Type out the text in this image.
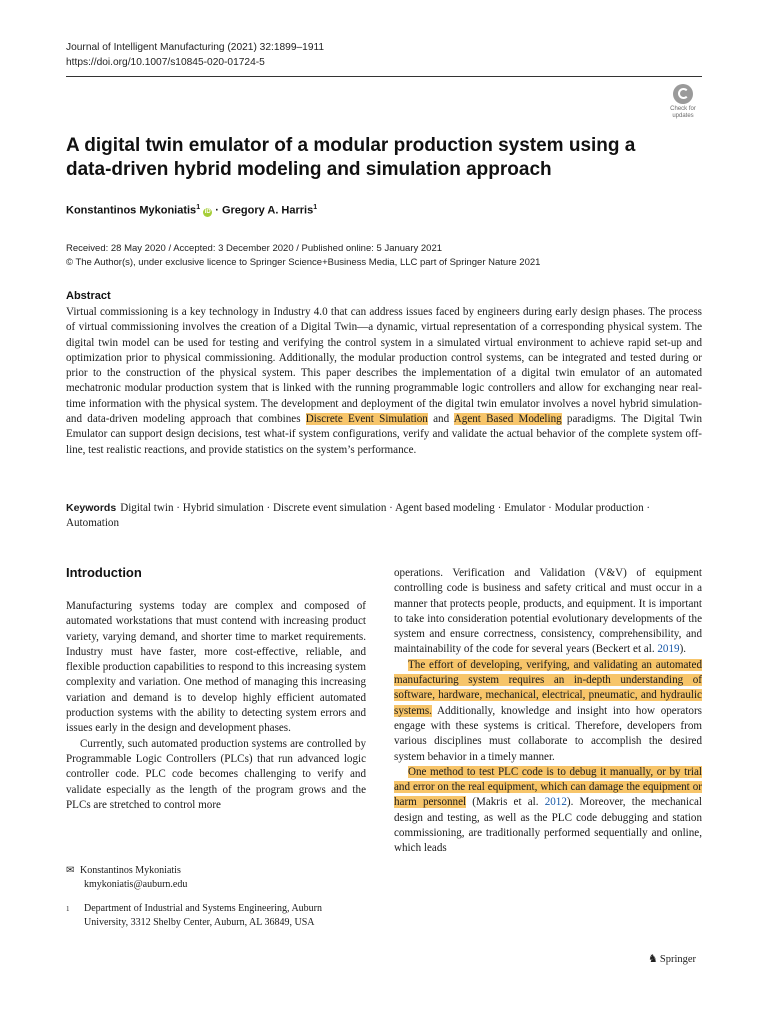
Journal of Intelligent Manufacturing (2021) 32:1899–1911
https://doi.org/10.1007/s10845-020-01724-5
Check for
updates
A digital twin emulator of a modular production system using a data-driven hybrid modeling and simulation approach
Konstantinos Mykoniatis$^1$ iD · Gregory A. Harris$^1$
Received: 28 May 2020 / Accepted: 3 December 2020 / Published online: 5 January 2021
© The Author(s), under exclusive licence to Springer Science+Business Media, LLC part of Springer Nature 2021
Abstract

Virtual commissioning is a key technology in Industry 4.0 that can address issues faced by engineers during early design phases. The process of virtual commissioning involves the creation of a Digital Twin—a dynamic, virtual representation of a corresponding physical system. The digital twin model can be used for testing and verifying the control system in a simulated virtual environment to achieve rapid set-up and optimization prior to physical commissioning. Additionally, the modular production control systems, can be integrated and tested during or prior to the construction of the physical system. This paper describes the implementation of a digital twin emulator of an automated mechatronic modular production system that is linked with the running programmable logic controllers and allow for exchanging near real-time information with the physical system. The development and deployment of the digital twin emulator involves a novel hybrid simulation- and data-driven modeling approach that combines Discrete Event Simulation and Agent Based Modeling paradigms. The Digital Twin Emulator can support design decisions, test what-if system configurations, verify and validate the actual behavior of the complete system off-line, test realistic reactions, and provide statistics on the system’s performance.

Keywords Digital twin · Hybrid simulation · Discrete event simulation · Agent based modeling · Emulator · Modular production · Automation
Introduction

Manufacturing systems today are complex and composed of automated workstations that must contend with increasing product variety, varying demand, and shorter time to market requirements. Industry must have faster, more cost-effective, reliable, and flexible production capabilities to respond to this increasing system complexity and variation. One method of managing this increasing variation and demand is to develop highly efficient automated production systems with the ability to detecting system errors and issues early in the design and development phases.

Currently, such automated production systems are controlled by Programmable Logic Controllers (PLCs) that run advanced logic controller code. PLC code becomes challenging to verify and validate especially as the length of the program grows and the PLCs are stretched to control more

operations. Verification and Validation (V&V) of equipment controlling code is business and safety critical and must occur in a manner that protects people, products, and equipment. It is important to take into consideration potential evolutionary developments of the system and ensure correctness, consistency, comprehensibility, and maintainability of the code for several years (Beckert et al. 2019).

The effort of developing, verifying, and validating an automated manufacturing system requires an in-depth understanding of software, hardware, mechanical, electrical, pneumatic, and hydraulic systems. Additionally, knowledge and insight into how operators engage with these systems is critical. Therefore, developers from various disciplines must collaborate to accomplish the desired system behavior in a timely manner.

One method to test PLC code is to debug it manually, or by trial and error on the real equipment, which can damage the equipment or harm personnel (Makris et al. 2012). Moreover, the mechanical design and testing, as well as the PLC code debugging and station commissioning, are traditionally performed sequentially and online, which leads

✉ Konstantinos Mykoniatis
kmykoniatis@auburn.edu
1	Department of Industrial and Systems Engineering, Auburn
University, 3312 Shelby Center, Auburn, AL 36849, USA
♞ Springer
